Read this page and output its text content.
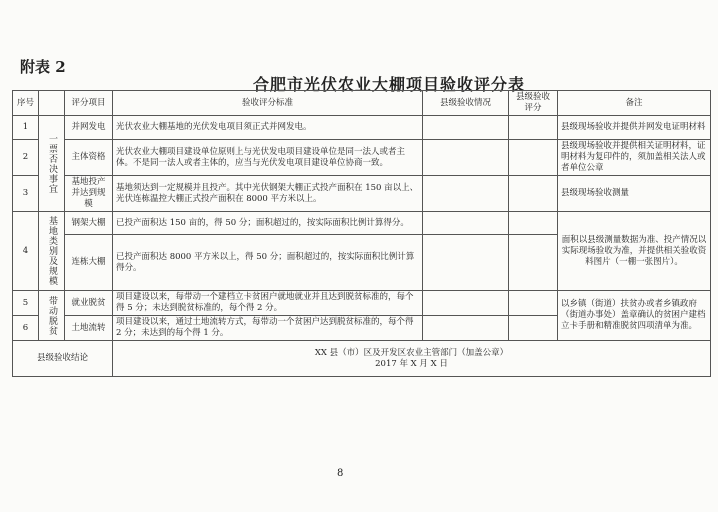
附表 2
合肥市光伏农业大棚项目验收评分表
序号		评分项目	验收评分标准	县级验收情况	县级验收评分	备注
1	一票否决事宜	并网发电	光伏农业大棚基地的光伏发电项目须正式并网发电。			县级现场验收并提供并网发电证明材料
2		主体资格	光伏农业大棚项目建设单位原则上与光伏发电项目建设单位是同一法人或者主体。不是同一法人或者主体的，应当与光伏发电项目建设单位协商一致。			县级现场验收并提供相关证明材料，证明材料为复印件的，须加盖相关法人或者单位公章
3		基地投产并达到规模	基地须达到一定规模并且投产。其中光伏钢架大棚正式投产面积在 150 亩以上、光伏连栋温控大棚正式投产面积在 8000 平方米以上。			县级现场验收测量
4	基地类别及规模	钢架大棚	已投产面积达 150 亩的，得 50 分；面积超过的，按实际面积比例计算得分。			面积以县级测量数据为准、投产情况以实际现场验收为准，并提供相关验收资料图片（一棚一张图片）。
		连栋大棚	已投产面积达 8000 平方米以上，得 50 分；面积超过的，按实际面积比例计算得分。			
5	带动脱贫	就业脱贫	项目建设以来，每带动一个建档立卡贫困户就地就业并且达到脱贫标准的，每个得 5 分；未达到脱贫标准的，每个得 2 分。			以乡镇（街道）扶贫办或者乡镇政府（街道办事处）盖章确认的贫困户建档立卡手册和精准脱贫四项清单为准。
6		土地流转	项目建设以来，通过土地流转方式，每带动一个贫困户达到脱贫标准的，每个得 2 分；未达到的每个得 1 分。			
县级验收结论			XX 县（市）区及开发区农业主管部门（加盖公章）
2017 年 X 月 X 日			
8
